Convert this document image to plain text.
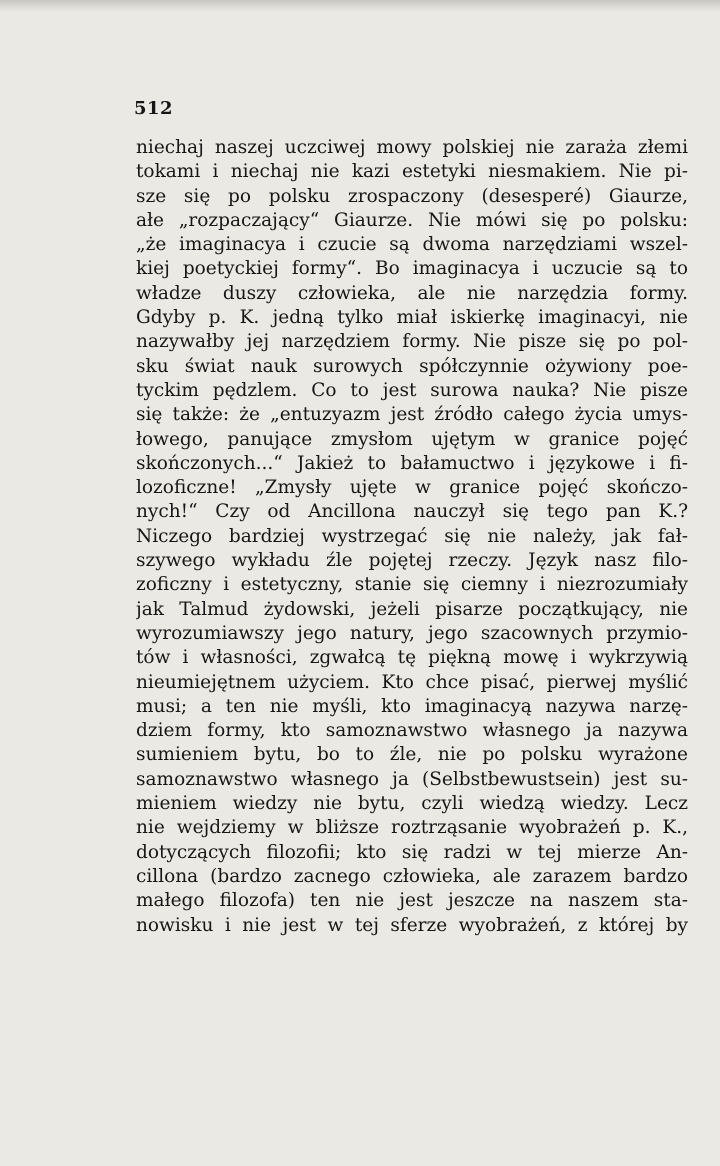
512
niechaj naszej uczciwej mowy polskiej nie zaraża złemi
tokami i niechaj nie kazi estetyki niesmakiem. Nie pi-
sze się po polsku zrospaczony (desesperé) Giaurze,
ałe „rozpaczający“ Giaurze. Nie mówi się po polsku:
„że imaginacya i czucie są dwoma narzędziami wszel-
kiej poetyckiej formy“. Bo imaginacya i uczucie są to
władze duszy człowieka, ale nie narzędzia formy.
Gdyby p. K. jedną tylko miał iskierkę imaginacyi, nie
nazywałby jej narzędziem formy. Nie pisze się po pol-
sku świat nauk surowych spółczynnie ożywiony poe-
tyckim pędzlem. Co to jest surowa nauka? Nie pisze
się także: że „entuzyazm jest źródło całego życia umys-
łowego, panujące zmysłom ujętym w granice pojęć
skończonych...“ Jakież to bałamuctwo i językowe i fi-
lozoficzne! „Zmysły ujęte w granice pojęć skończo-
nych!“ Czy od Ancillona nauczył się tego pan K.?
Niczego bardziej wystrzegać się nie należy, jak fał-
szywego wykładu źle pojętej rzeczy. Język nasz filo-
zoficzny i estetyczny, stanie się ciemny i niezrozumiały
jak Talmud żydowski, jeżeli pisarze początkujący, nie
wyrozumiawszy jego natury, jego szacownych przymio-
tów i własności, zgwałcą tę piękną mowę i wykrzywią
nieumiejętnem użyciem. Kto chce pisać, pierwej myślić
musi; a ten nie myśli, kto imaginacyą nazywa narzę-
dziem formy, kto samoznawstwo własnego ja nazywa
sumieniem bytu, bo to źle, nie po polsku wyrażone
samoznawstwo własnego ja (Selbstbewustsein) jest su-
mieniem wiedzy nie bytu, czyli wiedzą wiedzy. Lecz
nie wejdziemy w bliższe roztrząsanie wyobrażeń p. K.,
dotyczących filozofii; kto się radzi w tej mierze An-
cillona (bardzo zacnego człowieka, ale zarazem bardzo
małego filozofa) ten nie jest jeszcze na naszem sta-
nowisku i nie jest w tej sferze wyobrażeń, z której by
